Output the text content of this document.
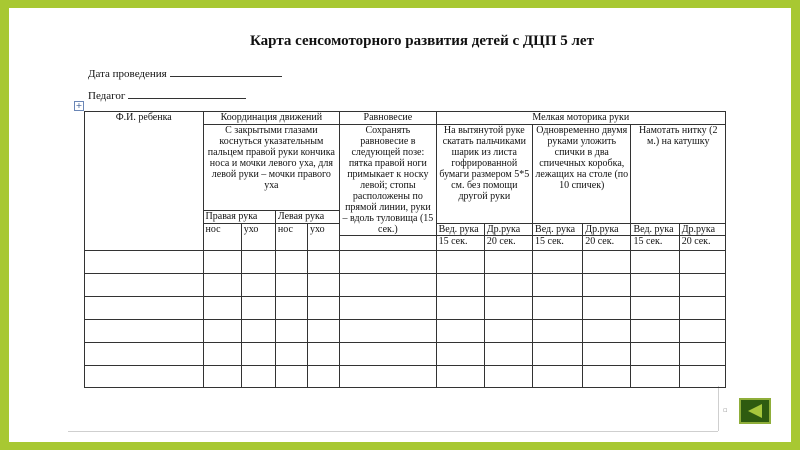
Карта сенсомоторного развития детей с ДЦП 5 лет
Дата проведения
Педагог
+
Ф.И. ребенка	Координация движений				Равновесие	Мелкая моторика руки					
	С закрытыми глазами коснуться указательным пальцем правой руки кончика носа и мочки левого уха, для левой руки – мочки правого уха				Сохранять равновесие в следующей позе: пятка правой ноги примыкает к носку левой; стопы расположены по прямой линии, руки – вдоль туловища (15 сек.)	На вытянутой руке скатать пальчиками шарик из листа гофрированной бумаги размером 5*5 см. без помощи другой руки		Одновременно двумя руками уложить спички в два спичечных коробка, лежащих на столе (по 10 спичек)		Намотать нитку (2 м.) на катушку	
	Правая рука		Левая рука								
	нос	ухо	нос	ухо							
						Вед. рука	Др.рука	Вед. рука	Др.рука	Вед. рука	Др.рука
						15 сек.	20 сек.	15 сек.	20 сек.	15 сек.	20 сек.

▫
